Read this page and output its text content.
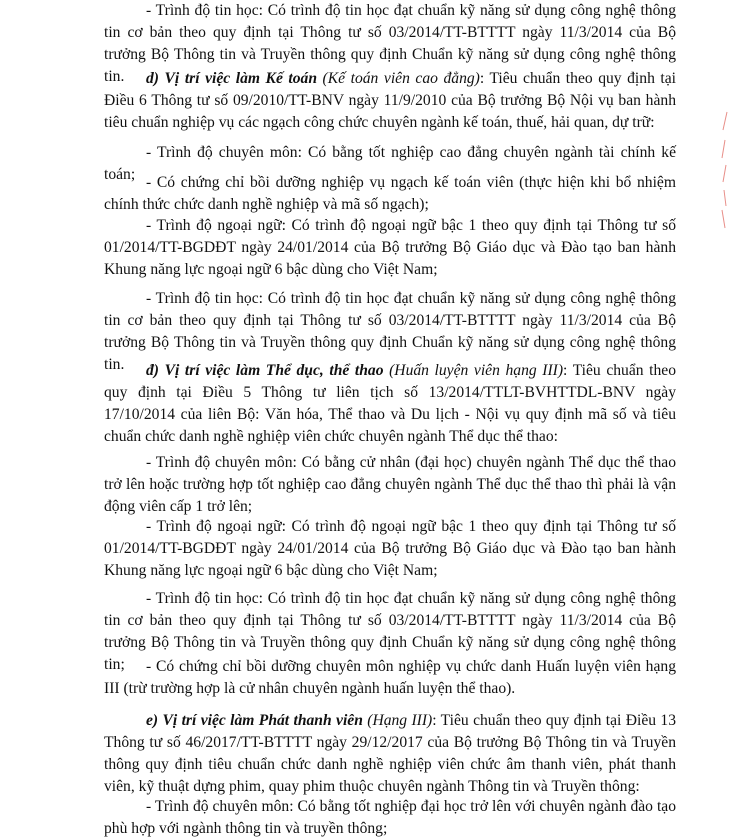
- Trình độ tin học: Có trình độ tin học đạt chuẩn kỹ năng sử dụng công nghệ thông tin cơ bản theo quy định tại Thông tư số 03/2014/TT-BTTTT ngày 11/3/2014 của Bộ trưởng Bộ Thông tin và Truyền thông quy định Chuẩn kỹ năng sử dụng công nghệ thông tin.	d) Vị trí việc làm Kế toán (Kế toán viên cao đẳng): Tiêu chuẩn theo quy định tại Điều 6 Thông tư số 09/2010/TT-BNV ngày 11/9/2010 của Bộ trưởng Bộ Nội vụ ban hành tiêu chuẩn nghiệp vụ các ngạch công chức chuyên ngành kế toán, thuế, hải quan, dự trữ:

- Trình độ chuyên môn: Có bằng tốt nghiệp cao đẳng chuyên ngành tài chính kế toán; - Có chứng chỉ bồi dưỡng nghiệp vụ ngạch kế toán viên (thực hiện khi bổ nhiệm chính thức chức danh nghề nghiệp và mã số ngạch);

- Trình độ ngoại ngữ: Có trình độ ngoại ngữ bậc 1 theo quy định tại Thông tư số 01/2014/TT-BGDĐT ngày 24/01/2014 của Bộ trưởng Bộ Giáo dục và Đào tạo ban hành Khung năng lực ngoại ngữ 6 bậc dùng cho Việt Nam;

- Trình độ tin học: Có trình độ tin học đạt chuẩn kỹ năng sử dụng công nghệ thông tin cơ bản theo quy định tại Thông tư số 03/2014/TT-BTTTT ngày 11/3/2014 của Bộ trưởng Bộ Thông tin và Truyền thông quy định Chuẩn kỹ năng sử dụng công nghệ thông tin.	đ) Vị trí việc làm Thể dục, thể thao (Huấn luyện viên hạng III): Tiêu chuẩn theo quy định tại Điều 5 Thông tư liên tịch số 13/2014/TTLT-BVHTTDL-BNV ngày 17/10/2014 của liên Bộ: Văn hóa, Thể thao và Du lịch - Nội vụ quy định mã số và tiêu chuẩn chức danh nghề nghiệp viên chức chuyên ngành Thể dục thể thao:

- Trình độ chuyên môn: Có bằng cử nhân (đại học) chuyên ngành Thể dục thể thao trở lên hoặc trường hợp tốt nghiệp cao đẳng chuyên ngành Thể dục thể thao thì phải là vận động viên cấp 1 trở lên;

- Trình độ ngoại ngữ: Có trình độ ngoại ngữ bậc 1 theo quy định tại Thông tư số 01/2014/TT-BGDĐT ngày 24/01/2014 của Bộ trưởng Bộ Giáo dục và Đào tạo ban hành Khung năng lực ngoại ngữ 6 bậc dùng cho Việt Nam;

- Trình độ tin học: Có trình độ tin học đạt chuẩn kỹ năng sử dụng công nghệ thông tin cơ bản theo quy định tại Thông tư số 03/2014/TT-BTTTT ngày 11/3/2014 của Bộ trưởng Bộ Thông tin và Truyền thông quy định Chuẩn kỹ năng sử dụng công nghệ thông tin;	- Có chứng chỉ bồi dưỡng chuyên môn nghiệp vụ chức danh Huấn luyện viên hạng III (trừ trường hợp là cử nhân chuyên ngành huấn luyện thể thao).

e) Vị trí việc làm Phát thanh viên (Hạng III): Tiêu chuẩn theo quy định tại Điều 13 Thông tư số 46/2017/TT-BTTTT ngày 29/12/2017 của Bộ trưởng Bộ Thông tin và Truyền thông quy định tiêu chuẩn chức danh nghề nghiệp viên chức âm thanh viên, phát thanh viên, kỹ thuật dựng phim, quay phim thuộc chuyên ngành Thông tin và Truyền thông:

- Trình độ chuyên môn: Có bằng tốt nghiệp đại học trở lên với chuyên ngành đào tạo phù hợp với ngành thông tin và truyền thông;
